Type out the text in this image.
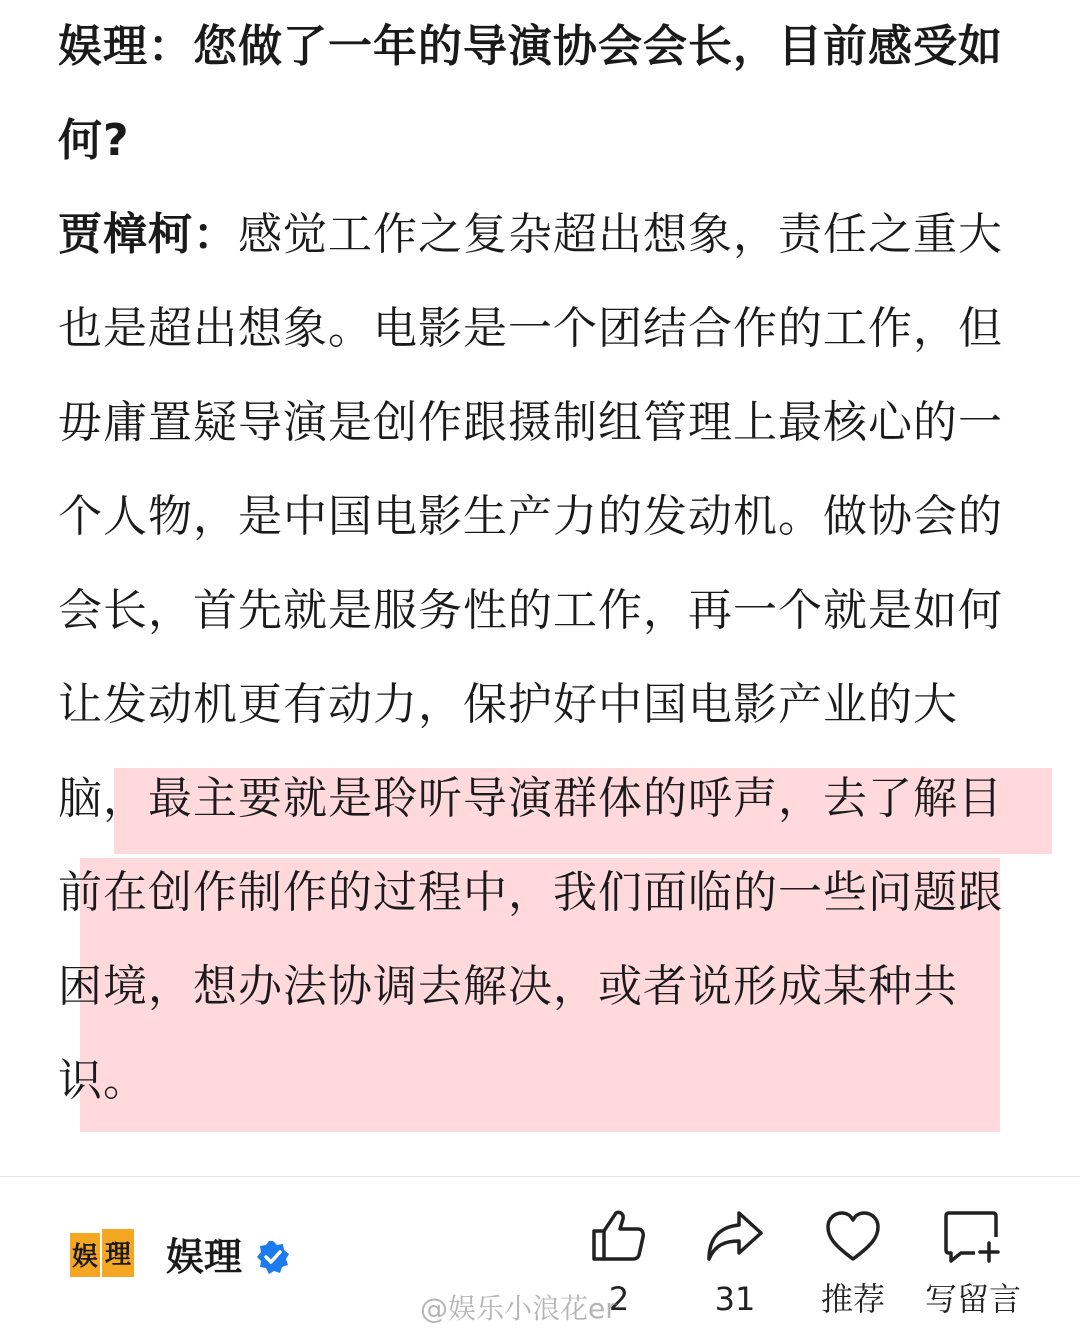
娱理：您做了一年的导演协会会长，目前感受如
何?
贾樟柯：感觉工作之复杂超出想象，责任之重大
也是超出想象。电影是一个团结合作的工作，但
毋庸置疑导演是创作跟摄制组管理上最核心的一
个人物，是中国电影生产力的发动机。做协会的
会长，首先就是服务性的工作，再一个就是如何
让发动机更有动力，保护好中国电影产业的大
脑，最主要就是聆听导演群体的呼声，去了解目
前在创作制作的过程中，我们面临的一些问题跟
困境，想办法协调去解决，或者说形成某种共
识。
娱 理 娱理
2	31	推荐	写留言
@娱乐小浪花er
